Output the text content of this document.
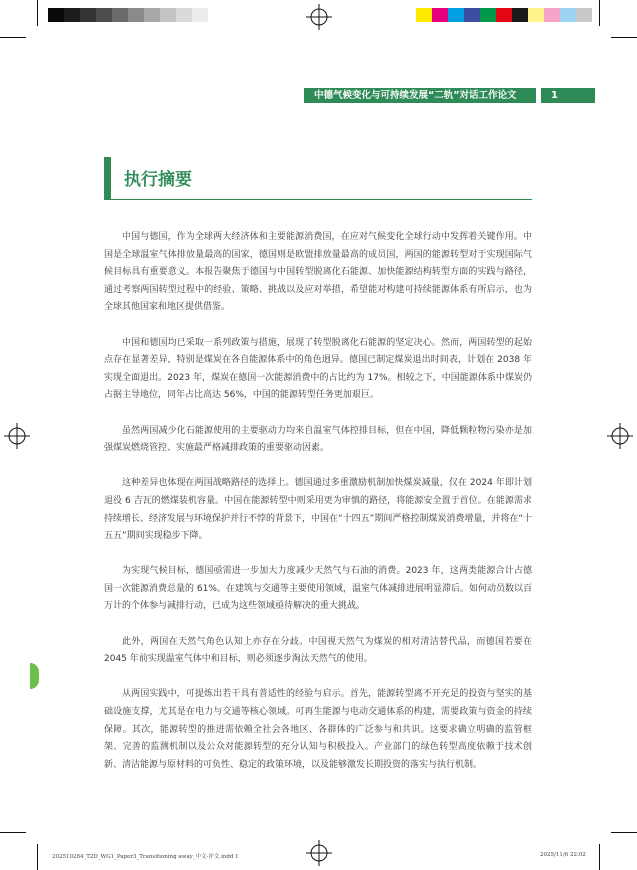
中德气候变化与可持续发展“二轨”对话工作论文	1
执行摘要

中国与德国，作为全球两大经济体和主要能源消费国，在应对气候变化全球行动中发挥着关键作用。中国是全球温室气体排放量最高的国家，德国则是欧盟排放量最高的成员国，两国的能源转型对于实现国际气候目标具有重要意义。本报告聚焦于德国与中国转型脱离化石能源、加快能源结构转型方面的实践与路径，通过考察两国转型过程中的经验、策略、挑战以及应对举措，希望能对构建可持续能源体系有所启示，也为全球其他国家和地区提供借鉴。

中国和德国均已采取一系列政策与措施，展现了转型脱离化石能源的坚定决心。然而，两国转型的起始点存在显著差异，特别是煤炭在各自能源体系中的角色迥异。德国已制定煤炭退出时间表，计划在 2038 年实现全面退出。2023 年，煤炭在德国一次能源消费中的占比约为 17%。相较之下，中国能源体系中煤炭仍占据主导地位，同年占比高达 56%，中国的能源转型任务更加艰巨。

虽然两国减少化石能源使用的主要驱动力均来自温室气体控排目标，但在中国，降低颗粒物污染亦是加强煤炭燃烧管控、实施最严格减排政策的重要驱动因素。

这种差异也体现在两国战略路径的选择上。德国通过多重激励机制加快煤炭减量，仅在 2024 年即计划退役 6 吉瓦的燃煤装机容量。中国在能源转型中则采用更为审慎的路径，将能源安全置于首位。在能源需求持续增长、经济发展与环境保护并行不悖的背景下，中国在“十四五”期间严格控制煤炭消费增量，并将在“十五五”期间实现稳步下降。

为实现气候目标，德国亟需进一步加大力度减少天然气与石油的消费。2023 年，这两类能源合计占德国一次能源消费总量的 61%。在建筑与交通等主要使用领域，温室气体减排进展明显滞后。如何动员数以百万计的个体参与减排行动，已成为这些领域亟待解决的重大挑战。

此外，两国在天然气角色认知上亦存在分歧。中国视天然气为煤炭的相对清洁替代品，而德国若要在 2045 年前实现温室气体中和目标，则必须逐步淘汰天然气的使用。

从两国实践中，可提炼出若干具有普适性的经验与启示。首先，能源转型离不开充足的投资与坚实的基础设施支撑，尤其是在电力与交通等核心领域。可再生能源与电动交通体系的构建，需要政策与资金的持续保障。其次，能源转型的推进需依赖全社会各地区、各群体的广泛参与和共识。这要求确立明确的监管框架、完善的监测机制以及公众对能源转型的充分认知与积极投入。产业部门的绿色转型高度依赖于技术创新、清洁能源与原材料的可负性、稳定的政策环境，以及能够激发长期投资的落实与执行机制。

202510284_T2D_WG1_Paper3_Transitioning away_中文-评文.indd 1	2025/11/6 22:02
